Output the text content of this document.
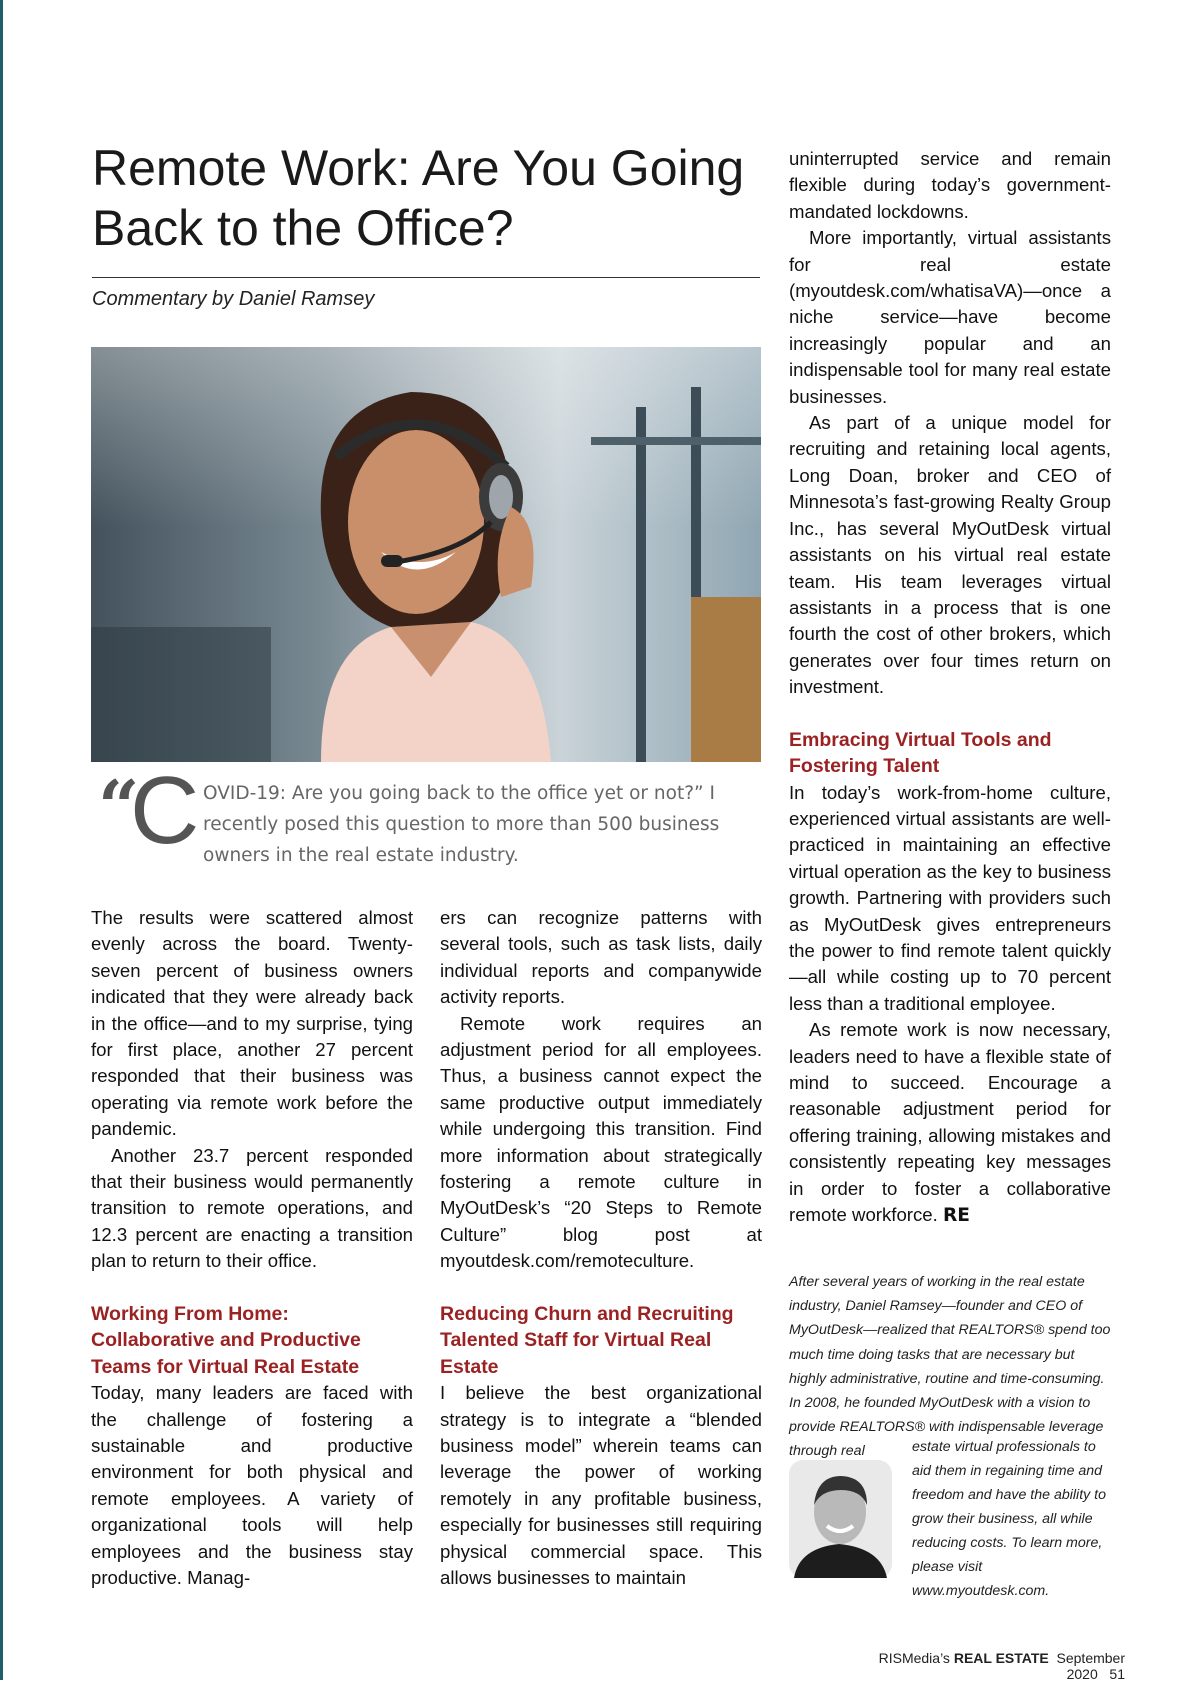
Remote Work: Are You Going Back to the Office?
Commentary by Daniel Ramsey
“
C OVID-19: Are you going back to the office yet or not?” I recently posed this question to more than 500 business owners in the real estate industry.

The results were scattered almost evenly across the board. Twenty-seven percent of business owners indicated that they were already back in the office—and to my surprise, tying for first place, another 27 percent responded that their business was operating via remote work before the pandemic.

Another 23.7 percent responded that their business would permanently transition to remote operations, and 12.3 percent are enacting a transition plan to return to their office.

Working From Home: Collaborative and Productive Teams for Virtual Real Estate

Today, many leaders are faced with the challenge of fostering a sustainable and productive environment for both physical and remote employees. A variety of organizational tools will help employees and the business stay productive. Manag-

ers can recognize patterns with several tools, such as task lists, daily individual reports and companywide activity reports.

Remote work requires an adjustment period for all employees. Thus, a business cannot expect the same productive output immediately while undergoing this transition. Find more information about strategically fostering a remote culture in MyOutDesk’s “20 Steps to Remote Culture” blog post at myoutdesk.com/remoteculture.

Reducing Churn and Recruiting Talented Staff for Virtual Real Estate

I believe the best organizational strategy is to integrate a “blended business model” wherein teams can leverage the power of working remotely in any profitable business, especially for businesses still requiring physical commercial space. This allows businesses to maintain

uninterrupted service and remain flexible during today’s government-mandated lockdowns.

More importantly, virtual assistants for real estate (myoutdesk.com/whatisaVA)—once a niche service—have become increasingly popular and an indispensable tool for many real estate businesses.

As part of a unique model for recruiting and retaining local agents, Long Doan, broker and CEO of Minnesota’s fast-growing Realty Group Inc., has several MyOutDesk virtual assistants on his virtual real estate team. His team leverages virtual assistants in a process that is one fourth the cost of other brokers, which generates over four times return on investment.

Embracing Virtual Tools and Fostering Talent

In today’s work-from-home culture, experienced virtual assistants are well-practiced in maintaining an effective virtual operation as the key to business growth. Partnering with providers such as MyOutDesk gives entrepreneurs the power to find remote talent quickly—all while costing up to 70 percent less than a traditional employee.

As remote work is now necessary, leaders need to have a flexible state of mind to succeed. Encourage a reasonable adjustment period for offering training, allowing mistakes and consistently repeating key messages in order to foster a collaborative remote workforce. RE

After several years of working in the real estate industry, Daniel Ramsey—founder and CEO of MyOutDesk—realized that REALTORS® spend too much time doing tasks that are necessary but highly administrative, routine and time-consuming. In 2008, he founded MyOutDesk with a vision to provide REALTORS® with indispensable leverage through real	estate virtual professionals to aid them in regaining time and freedom and have the ability to grow their business, all while reducing costs. To learn more, please visit www.myoutdesk.com.

RISMedia’s REAL ESTATE September 2020 51
